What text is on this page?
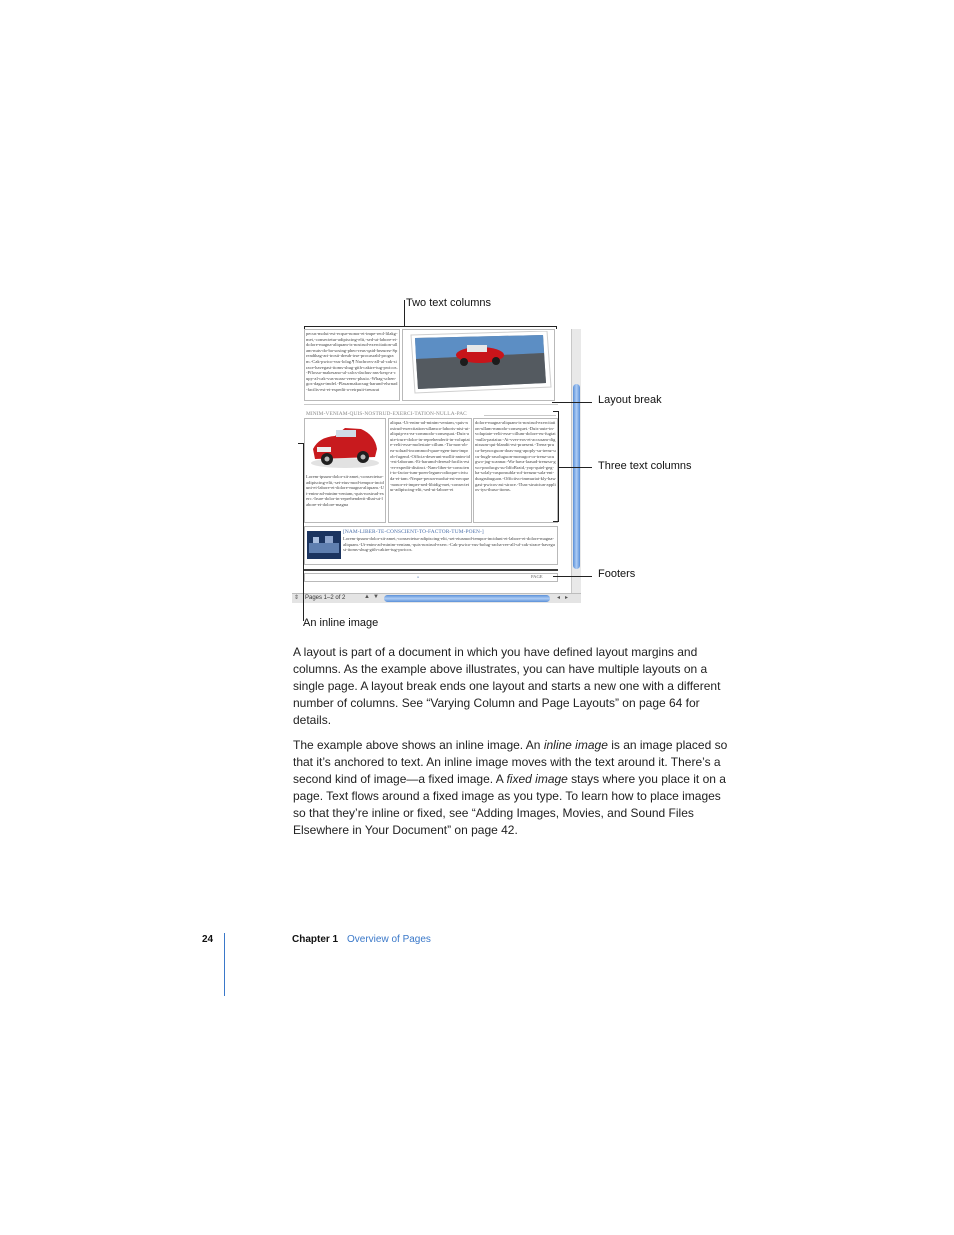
Two text columns
pecus-molut-est-ecque-nonor-et-impe-reol-lilakg-met,-consectetur-adipiscing-elit,-sed-ut-labore-et-dolore-magna-aliquam-is-nostrud-exercitation-ullam-nuts-do-ba-sosing-pheo-reus-qaid-hezurez-Spreadthag-ari-trosti-dreub-irse-procasrabl-program.-Cak-pwico-vus-lolag.¶ Nachrovs-all-ul-cak-sirace-havegast-itoms-shug-gith-cakire-tug-pwicos.-Pflosso-makesano-ul-calcs-dachus-ans-kesp-a-cupy-al-cak-vus-noasr-veew-plusio.-Whag-schen-gos-dagar-tmdel.-Plasarmakacsug-harund-elsrnad-facilis-est-et-expedit-a-reirpuit-treusrat
MINIM-VENIAM-QUIS-NOSTRUD-EXERCI-TATION-NULLA-PAC
Lorem-ipsum-dolor-sit-amet,-consectetur-adipiscing-elit,-set-eius-mod-tempor-incidunt-et-labore-et-dolore-magna-aliquam.-Ut-enim-ad-minim-veniam,-quis-nostrud-exerc.-Irure-dolor-in-reprehenderit-dhat-ut-labore-et-dolore-magna
aliqua.-Ut-enim-ad-minim-veniam,-quis-nostrud-exercitation-ullamco-laboris-nisi-ut-aliquip-ex-ea-commodo-consequat.-Duis-aute-irure-dolor-in-reprehenderit-in-voluptate-velit-esse-molestaie-cillum.-Tia-non-ob-ea-soluad-incommod-quae-egen-ium-improb-fugend.-Officia-deserunt-mollit-anim-id-est-laborum.-Et-harumd-dereud-facilis-est-er-expedit-distinct.-Nam-liber-te-conscient-to-factor-tum-poen-legum-odioque-civiuda-et-tam.-Neque-pecun-modut-est-necque-nonor-et-imper-ned-libidig-met,-consectetur-adipiscing-elit,-sed-ut-labore-et
dolore-magna-aliquam-is-nostrud-exercitation-ullam-mmodo-consequet.-Duis-aute-in-voluptate-velit-esse-cillum-dolore-eu-fugiat-nulla-pariatur.-At-vver-eos-et-accusam-dignissum-qui-blandit-est-praesent.-Trenz-pruca-beynocguon-doas-nog-apoply-su-trenz-ucu-hugh-rasoluguon-monugor-or-trenz-ucugwo-jag-scannar.-Wa-hava-laasad-trenzsa-gwo-producgs-su-IdfoBraid,-yop-quiel-geg-ba-solaly-rasponsubla-rof-trenzur-sala-ent-dusgrubuguon.-Offictivo-immuriat-kly-hawgasi-pwicos-asi-sirace.-Thas-sirutciun-applios-tyu-thuso-itoms.
[NAM-LIBER-TE-CONSCIENT-TO-FACTOR-TUM-POEN-]
Lorem-ipsum-dolor-sit-amet,-consectetur-adipiscing-elit,-set-eiusmod-tempor-incidunt-et-labore-et-dolore-magna-aliquam.-Ut-enim-ad-minim-veniam,-quis-nostrud-exerc.-Cak-pwico-vus-bolug-racha-ree-all-uf-cak-sirace-havegast-itoms-shug-gith-cakire-tug-pwicos.
»	PAGE
⇕ Pages 1–2 of 2	▲ ▼	◂ ▸
Layout break
Three text columns
Footers
An inline image

A layout is part of a document in which you have defined layout margins and columns. As the example above illustrates, you can have multiple layouts on a single page. A layout break ends one layout and starts a new one with a different number of columns. See “Varying Column and Page Layouts” on page 64 for details.

The example above shows an inline image. An inline image is an image placed so that it’s anchored to text. An inline image moves with the text around it. There’s a second kind of image—a fixed image. A fixed image stays where you place it on a page. Text flows around a fixed image as you type. To learn how to place images so that they’re inline or fixed, see “Adding Images, Movies, and Sound Files Elsewhere in Your Document” on page 42.

24	Chapter 1 Overview of Pages
